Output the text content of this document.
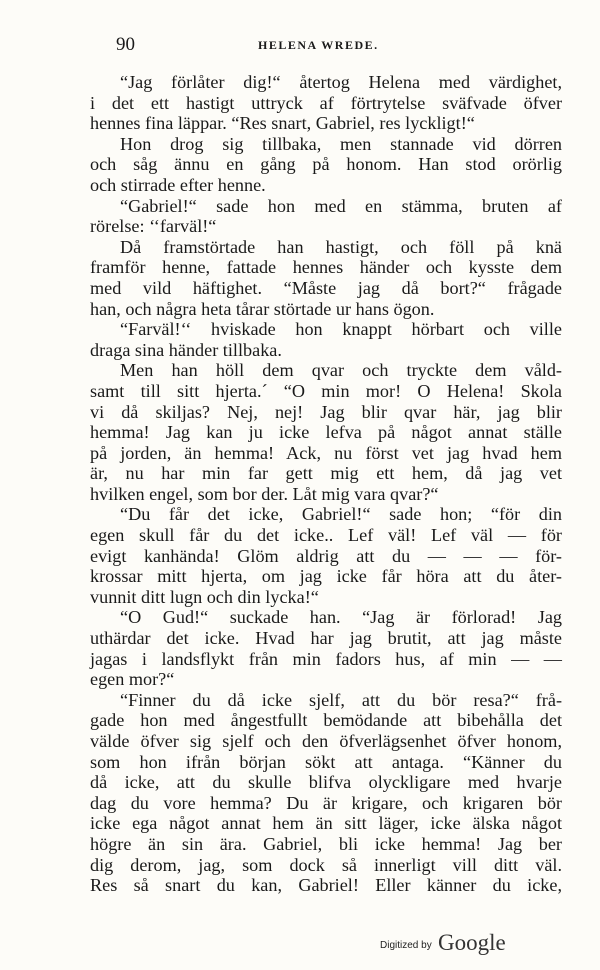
90	HELENA WREDE.
“Jag förlåter dig!“ återtog Helena med värdighet,
i det ett hastigt uttryck af förtrytelse sväfvade öfver
hennes fina läppar. “Res snart, Gabriel, res lyckligt!“
Hon drog sig tillbaka, men stannade vid dörren
och såg ännu en gång på honom. Han stod orörlig
och stirrade efter henne.
“Gabriel!“ sade hon med en stämma, bruten af
rörelse: ‘‘farväl!“
Då framstörtade han hastigt, och föll på knä
framför henne, fattade hennes händer och kysste dem
med vild häftighet. “Måste jag då bort?“ frågade
han, och några heta tårar störtade ur hans ögon.
“Farväl!‘‘ hviskade hon knappt hörbart och ville
draga sina händer tillbaka.
Men han höll dem qvar och tryckte dem våld-
samt till sitt hjerta.´ “O min mor! O Helena! Skola
vi då skiljas? Nej, nej! Jag blir qvar här, jag blir
hemma! Jag kan ju icke lefva på något annat ställe
på jorden, än hemma! Ack, nu först vet jag hvad hem
är, nu har min far gett mig ett hem, då jag vet
hvilken engel, som bor der. Låt mig vara qvar?“
“Du får det icke, Gabriel!“ sade hon; “för din
egen skull får du det icke.. Lef väl! Lef väl — för
evigt kanhända! Glöm aldrig att du — — — för-
krossar mitt hjerta, om jag icke får höra att du åter-
vunnit ditt lugn och din lycka!“
“O Gud!“ suckade han. “Jag är förlorad! Jag
uthärdar det icke. Hvad har jag brutit, att jag måste
jagas i landsflykt från min fadors hus, af min — —
egen mor?“
“Finner du då icke sjelf, att du bör resa?“ frå-
gade hon med ångestfullt bemödande att bibehålla det
välde öfver sig sjelf och den öfverlägsenhet öfver honom,
som hon ifrån början sökt att antaga. “Känner du
då icke, att du skulle blifva olyckligare med hvarje
dag du vore hemma? Du är krigare, och krigaren bör
icke ega något annat hem än sitt läger, icke älska något
högre än sin ära. Gabriel, bli icke hemma! Jag ber
dig derom, jag, som dock så innerligt vill ditt väl.
Res så snart du kan, Gabriel! Eller känner du icke,
Digitized by Google
